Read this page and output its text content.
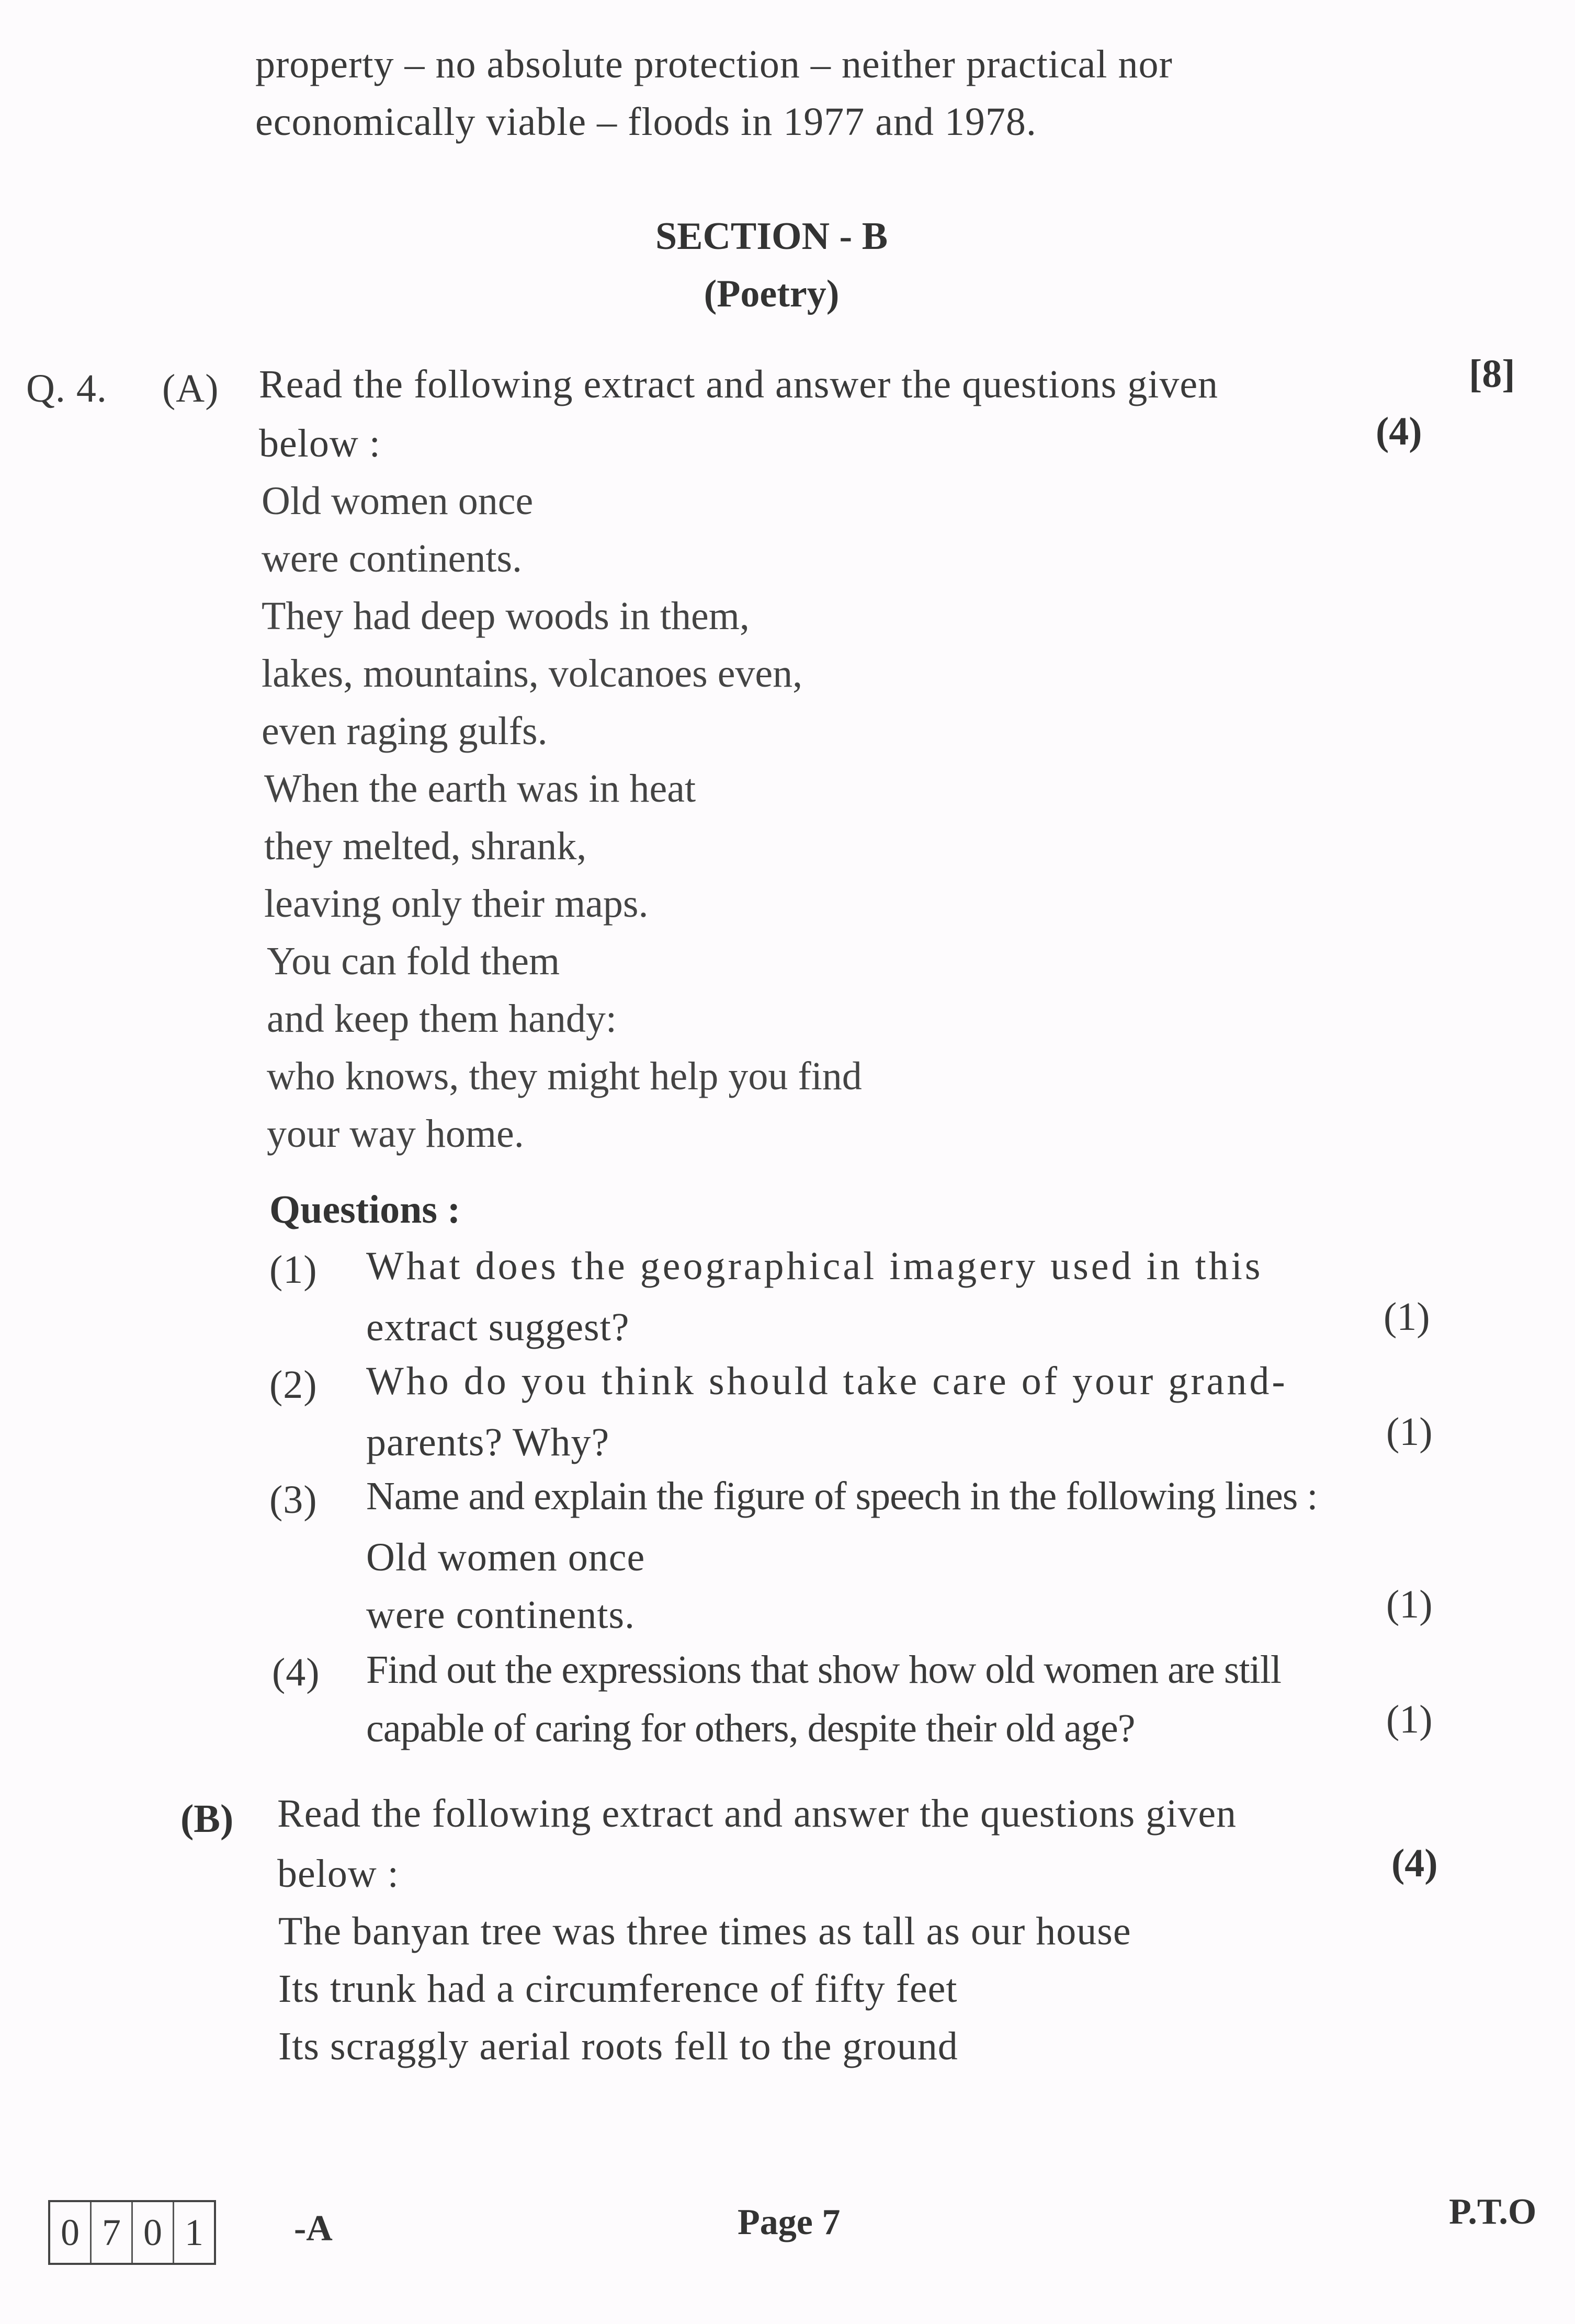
property – no absolute protection – neither practical nor
economically viable – floods in 1977 and 1978.
SECTION - B
(Poetry)
Q. 4. (A) Read the following extract and answer the questions given	[8]
below :	(4)
Old women once
were continents.
They had deep woods in them,
lakes, mountains, volcanoes even,
even raging gulfs.
When the earth was in heat
they melted, shrank,
leaving only their maps.
You can fold them
and keep them handy:
who knows, they might help you find
your way home.
Questions :
(1) What does the geographical imagery used in this
extract suggest?	(1)
(2) Who do you think should take care of your grand-
parents? Why?	(1)
(3) Name and explain the figure of speech in the following lines :
Old women once
were continents.	(1)
(4) Find out the expressions that show how old women are still
capable of caring for others, despite their old age?	(1)
(B) Read the following extract and answer the questions given
below :	(4)
The banyan tree was three times as tall as our house
Its trunk had a circumference of fifty feet
Its scraggly aerial roots fell to the ground
0 7 0 1 -A	Page 7	P.T.O
